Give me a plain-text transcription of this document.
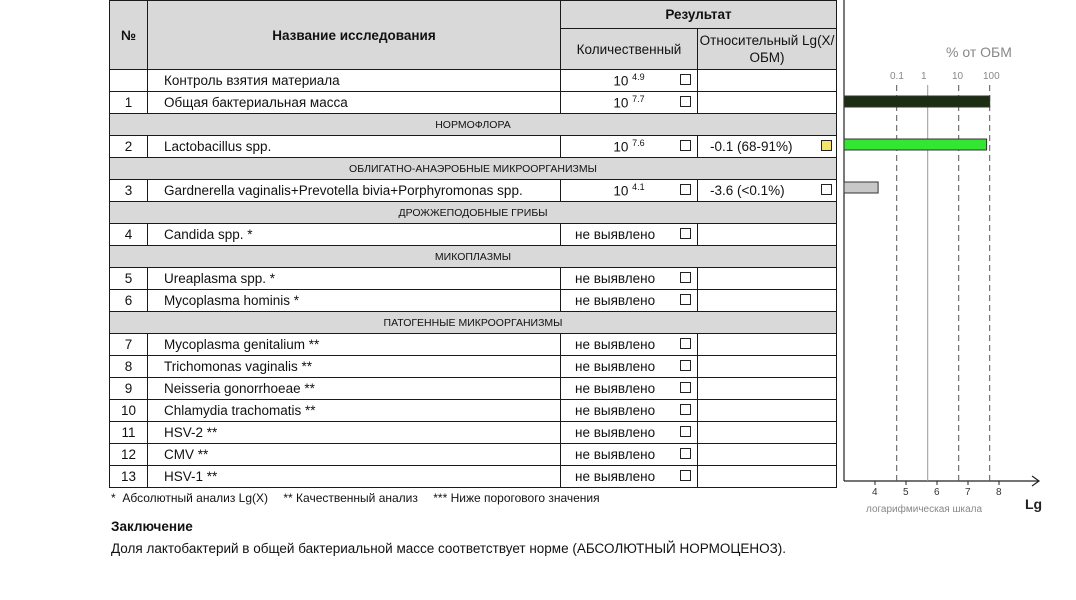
№	Название исследования	Результат	
		Количественный	Относительный Lg(X/ОБМ)
	Контроль взятия материала	10 $^{4.9}$

1	Общая бактериальная масса	10 $^{7.7}$

НОРМОФЛОРА			
2	Lactobacillus spp.	10 $^{7.6}$	-0.1 (68-91%)

ОБЛИГАТНО-АНАЭРОБНЫЕ МИКРООРГАНИЗМЫ			
3	Gardnerella vaginalis+Prevotella bivia+Porphyromonas spp.	10 $^{4.1}$	-3.6 (<0.1%)

ДРОЖЖЕПОДОБНЫЕ ГРИБЫ			
4	Candida spp. *	не выявлено

МИКОПЛАЗМЫ			
5	Ureaplasma spp. *	не выявлено

6	Mycoplasma hominis *	не выявлено

ПАТОГЕННЫЕ МИКРООРГАНИЗМЫ			
7	Mycoplasma genitalium **	не выявлено

8	Trichomonas vaginalis **	не выявлено

9	Neisseria gonorrhoeae **	не выявлено

10	Chlamydia trachomatis **	не выявлено

11	HSV-2 **	не выявлено

12	CMV **	не выявлено

13	HSV-1 **	не выявлено

*  Абсолютный анализ Lg(X) ** Качественный анализ *** Ниже порогового значения
Заключение
Доля лактобактерий в общей бактериальной массе соответствует норме (АБСОЛЮТНЫЙ НОРМОЦЕНОЗ).
% от ОБМ
0.1 1	10 100
4	5	6	7	8
Lg
логарифмическая шкала
